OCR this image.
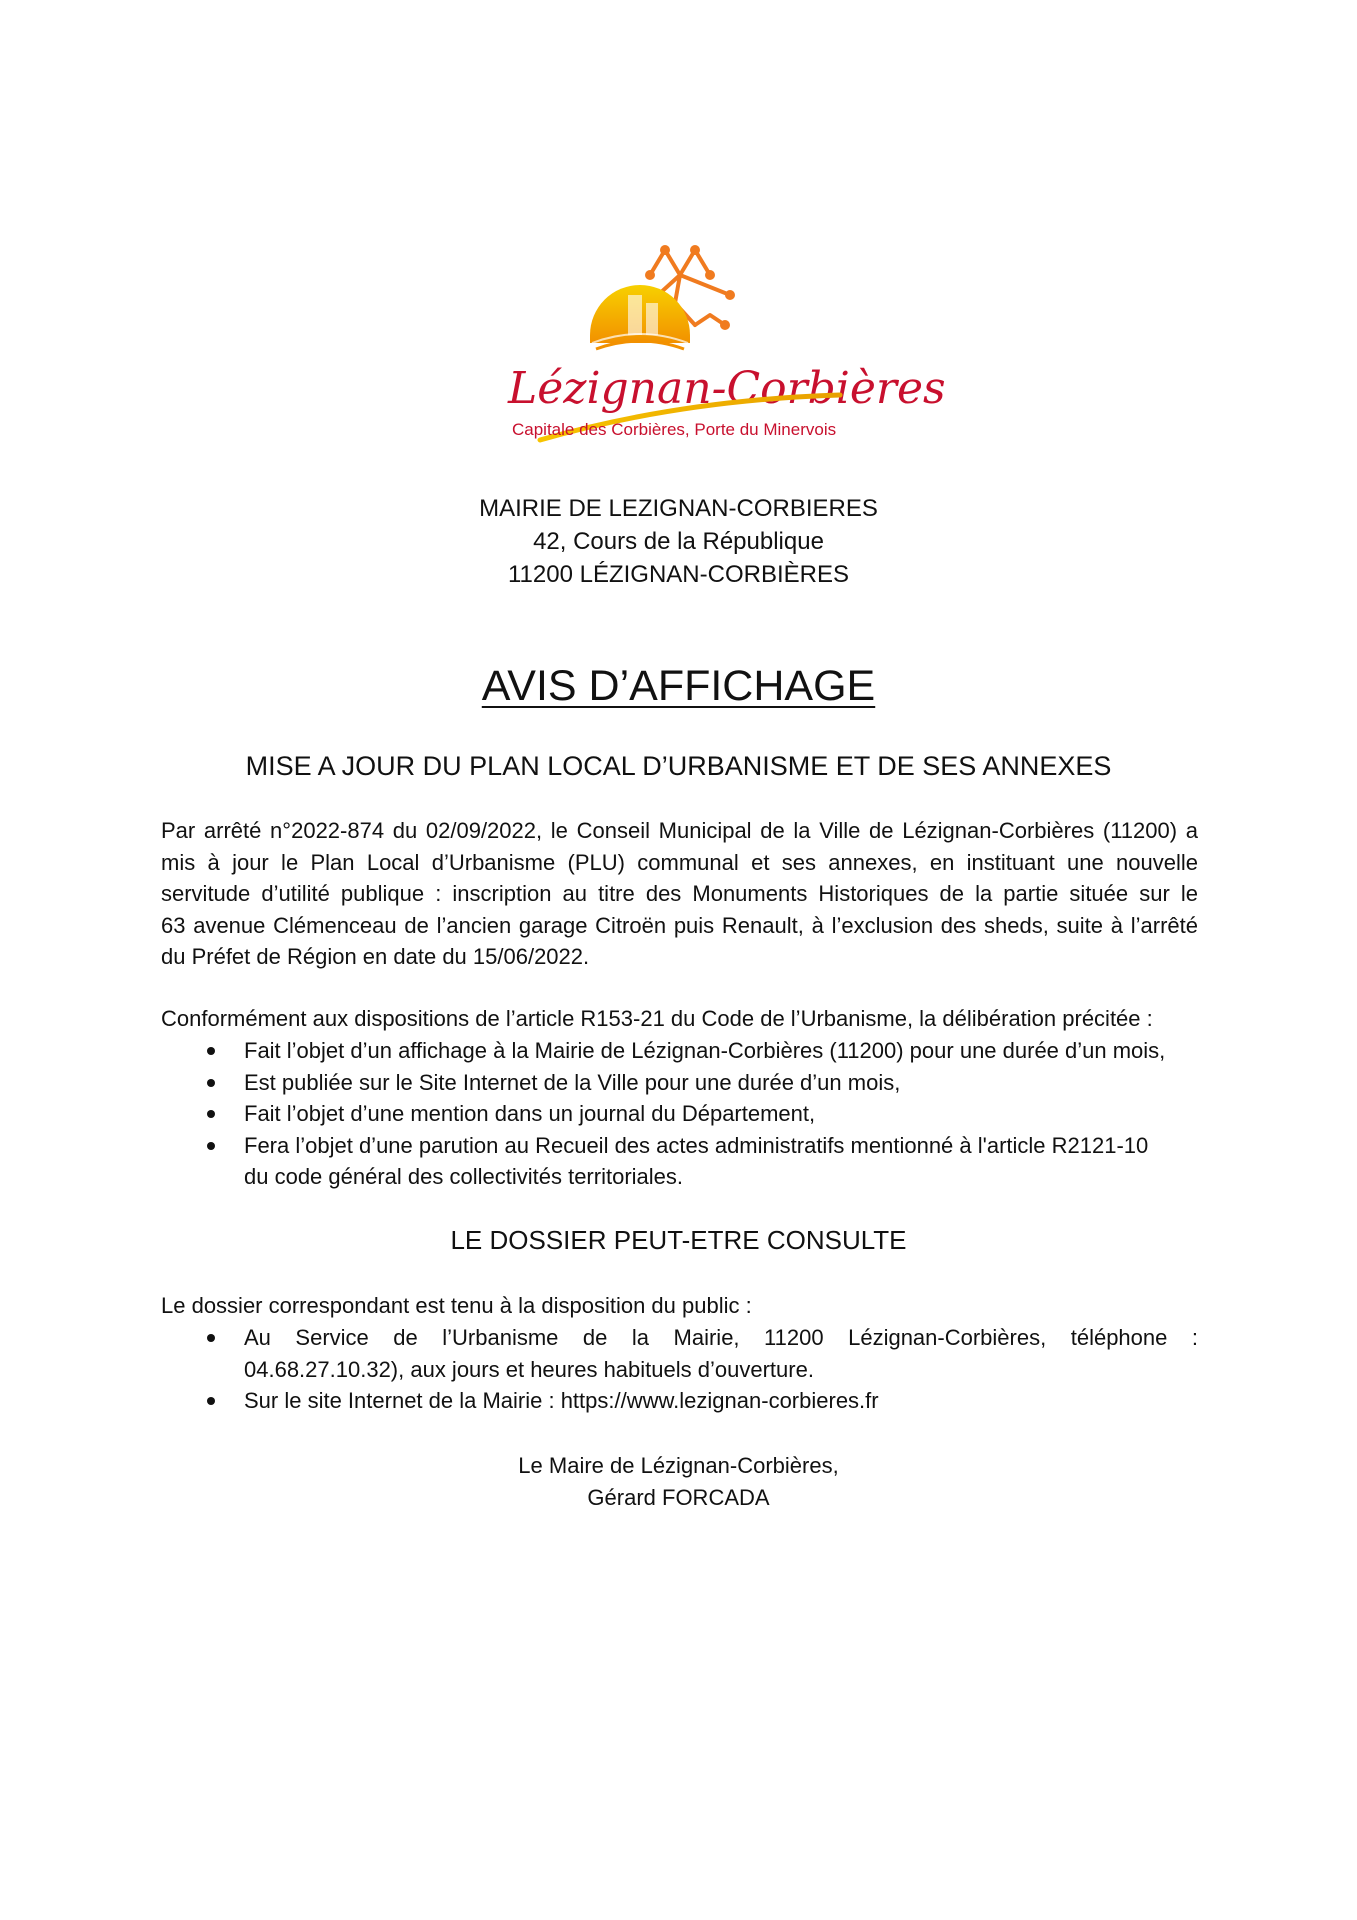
Lézignan-Corbières
Capitale des Corbières, Porte du Minervois
MAIRIE DE LEZIGNAN-CORBIERES
42, Cours de la République
11200 LÉZIGNAN-CORBIÈRES
AVIS D’AFFICHAGE
MISE A JOUR DU PLAN LOCAL D’URBANISME ET DE SES ANNEXES
Par arrêté n°2022-874 du 02/09/2022, le Conseil Municipal de la Ville de Lézignan-Corbières (11200) a
mis à jour le Plan Local d’Urbanisme (PLU) communal et ses annexes, en instituant une nouvelle
servitude d’utilité publique : inscription au titre des Monuments Historiques de la partie située sur le
63 avenue Clémenceau de l’ancien garage Citroën puis Renault, à l’exclusion des sheds, suite à l’arrêté
du Préfet de Région en date du 15/06/2022.
Conformément aux dispositions de l’article R153-21 du Code de l’Urbanisme, la délibération précitée :
Fait l’objet d’un affichage à la Mairie de Lézignan-Corbières (11200) pour une durée d’un mois,
Est publiée sur le Site Internet de la Ville pour une durée d’un mois,
Fait l’objet d’une mention dans un journal du Département,
Fera l’objet d’une parution au Recueil des actes administratifs mentionné à l'article R2121-10
du code général des collectivités territoriales.
LE DOSSIER PEUT-ETRE CONSULTE
Le dossier correspondant est tenu à la disposition du public :
Au Service de l’Urbanisme de la Mairie, 11200 Lézignan-Corbières, téléphone :
04.68.27.10.32), aux jours et heures habituels d’ouverture.
Sur le site Internet de la Mairie : https://www.lezignan-corbieres.fr
Le Maire de Lézignan-Corbières,
Gérard FORCADA
